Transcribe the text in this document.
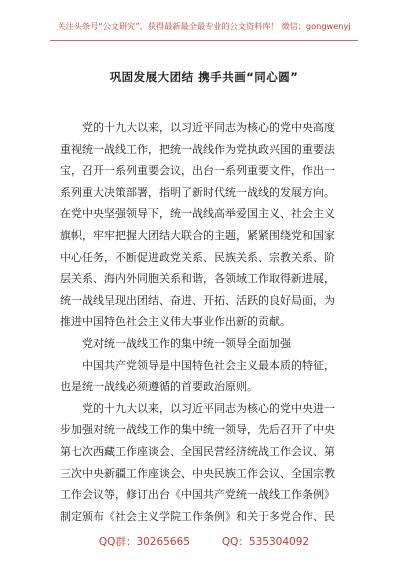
关注头条号“公文研究”，获得最新最全最专业的公文资料库！ 微信：gongwenyj
巩固发展大团结 携手共画“同心圆”
党的十九大以来，以习近平同志为核心的党中央高度
重视统一战线工作，把统一战线作为党执政兴国的重要法
宝，召开一系列重要会议，出台一系列重要文件，作出一
系列重大决策部署，指明了新时代统一战线的发展方向。
在党中央坚强领导下，统一战线高举爱国主义、社会主义
旗帜，牢牢把握大团结大联合的主题，紧紧围绕党和国家
中心任务，不断促进政党关系、民族关系、宗教关系、阶
层关系、海内外同胞关系和谐，各领域工作取得新进展，
统一战线呈现出团结、奋进、开拓、活跃的良好局面，为
推进中国特色社会主义伟大事业作出新的贡献。
党对统一战线工作的集中统一领导全面加强
中国共产党领导是中国特色社会主义最本质的特征，
也是统一战线必须遵循的首要政治原则。
党的十九大以来，以习近平同志为核心的党中央进一
步加强对统一战线工作的集中统一领导，先后召开了中央
第七次西藏工作座谈会、全国民营经济统战工作会议、第
三次中央新疆工作座谈会、中央民族工作会议、全国宗教
工作会议等，修订出台《中国共产党统一战线工作条例》
制定颁布《社会主义学院工作条例》和关于多党合作、民
QQ群：30265665	QQ：535304092
